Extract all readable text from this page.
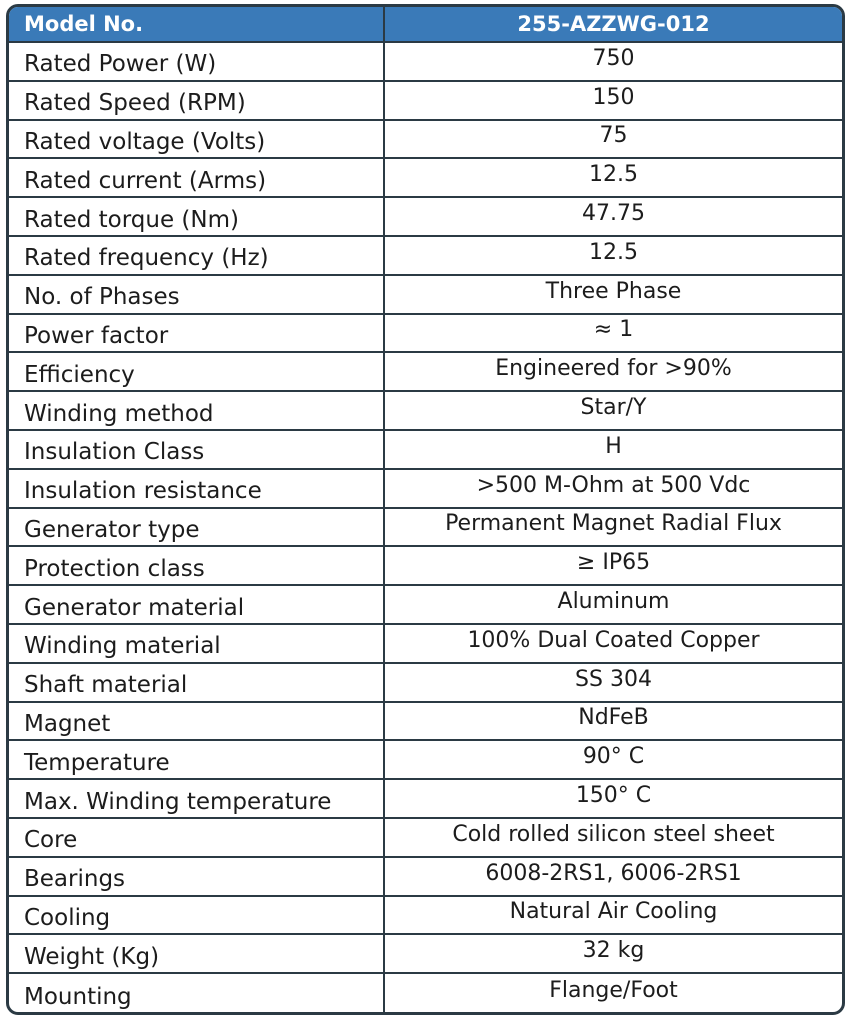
Model No.	255-AZZWG-012
Rated Power (W)	750
Rated Speed (RPM)	150
Rated voltage (Volts)	75
Rated current (Arms)	12.5
Rated torque (Nm)	47.75
Rated frequency (Hz)	12.5
No. of Phases	Three Phase
Power factor	≈ 1
Efficiency	Engineered for >90%
Winding method	Star/Y
Insulation Class	H
Insulation resistance	>500 M-Ohm at 500 Vdc
Generator type	Permanent Magnet Radial Flux
Protection class	≥ IP65
Generator material	Aluminum
Winding material	100% Dual Coated Copper
Shaft material	SS 304
Magnet	NdFeB
Temperature	90° C
Max. Winding temperature	150° C
Core	Cold rolled silicon steel sheet
Bearings	6008-2RS1, 6006-2RS1
Cooling	Natural Air Cooling
Weight (Kg)	32 kg
Mounting	Flange/Foot
